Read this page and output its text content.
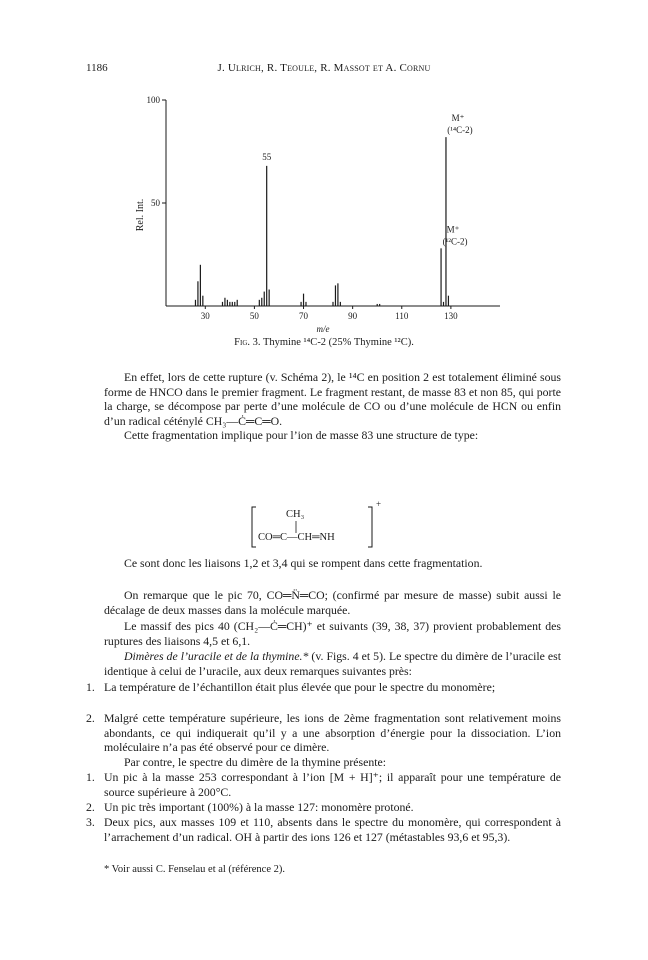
1186	J. Ulrich, R. Teoule, R. Massot et A. Cornu
50
100
30	50	70	90	110	130
Rel. Int.
m/e
55
M⁺
(¹⁴C-2)
M⁺
(¹²C-2)
Fig. 3. Thymine ¹⁴C-2 (25% Thymine ¹²C).
En effet, lors de cette rupture (v. Schéma 2), le ¹⁴C en position 2 est totalement éliminé sous forme de HNCO dans le premier fragment. Le fragment restant, de masse 83 et non 85, qui porte la charge, se décompose par perte d’une molécule de CO ou d’une molécule de HCN ou enfin d’un radical céténylé CH₃—Ċ═C═O.
Cette fragmentation implique pour l’ion de masse 83 une structure de type:
CH₃
CO═C—CH═NH
+
Ce sont donc les liaisons 1,2 et 3,4 qui se rompent dans cette fragmentation.
On remarque que le pic 70, CO═N̈═CO; (confirmé par mesure de masse) subit aussi le décalage de deux masses dans la molécule marquée.
Le massif des pics 40 (CH₂—Ċ═CH)⁺ et suivants (39, 38, 37) provient probablement des ruptures des liaisons 4,5 et 6,1.
Dimères de l’uracile et de la thymine.* (v. Figs. 4 et 5). Le spectre du dimère de l’uracile est identique à celui de l’uracile, aux deux remarques suivantes près:
1. La température de l’échantillon était plus élevée que pour le spectre du monomère;
2. Malgré cette température supérieure, les ions de 2ème fragmentation sont relativement moins abondants, ce qui indiquerait qu’il y a une absorption d’énergie pour la dissociation. L’ion moléculaire n’a pas été observé pour ce dimère.
Par contre, le spectre du dimère de la thymine présente:
1. Un pic à la masse 253 correspondant à l’ion [M + H]⁺; il apparaît pour une température de source supérieure à 200°C.
2. Un pic très important (100%) à la masse 127: monomère protoné.
3. Deux pics, aux masses 109 et 110, absents dans le spectre du monomère, qui correspondent à l’arrachement d’un radical. OH à partir des ions 126 et 127 (métastables 93,6 et 95,3).
* Voir aussi C. Fenselau et al (référence 2).
